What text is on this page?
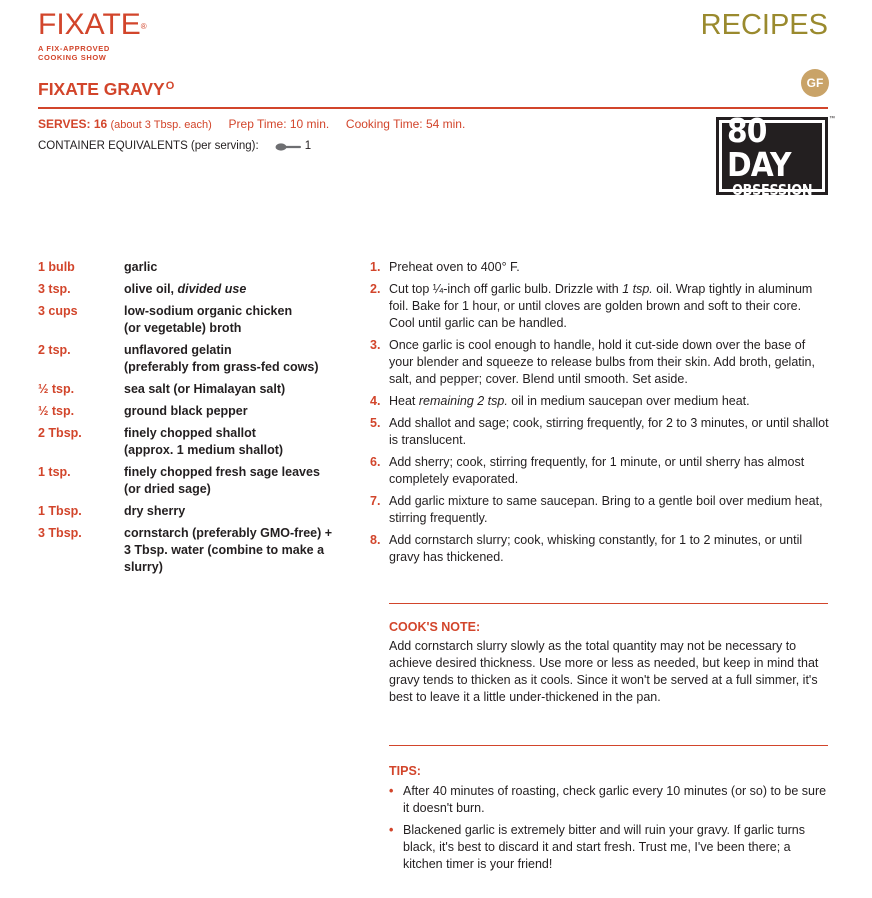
FIXATE®
A FIX-APPROVED
COOKING SHOW
RECIPES
FIXATE $GRAVY^O$	GF
SERVES: 16 (about 3 Tbsp. each) Prep Time: 10 min. Cooking Time: 54 min.
CONTAINER EQUIVALENTS (per serving):	1	80 DAY
OBSESSION
™
1 bulb	garlic
3 tsp.	olive oil, divided use
3 cups	low-sodium organic chicken
(or vegetable) broth
2 tsp.	unflavored gelatin
(preferably from grass-fed cows)
½ tsp.	sea salt (or Himalayan salt)
½ tsp.	ground black pepper
2 Tbsp.	finely chopped shallot
(approx. 1 medium shallot)
1 tsp.	finely chopped fresh sage leaves
(or dried sage)
1 Tbsp.	dry sherry
3 Tbsp.	cornstarch (preferably GMO-free) +
3 Tbsp. water (combine to make a
slurry)
1. Preheat oven to 400° F.
2. Cut top ¼-inch off garlic bulb. Drizzle with 1 tsp. oil. Wrap tightly in aluminum foil. Bake for 1 hour, or until cloves are golden brown and soft to their core. Cool until garlic can be handled.
3. Once garlic is cool enough to handle, hold it cut-side down over the base of your blender and squeeze to release bulbs from their skin. Add broth, gelatin, salt, and pepper; cover. Blend until smooth. Set aside.
4. Heat remaining 2 tsp. oil in medium saucepan over medium heat.
5. Add shallot and sage; cook, stirring frequently, for 2 to 3 minutes, or until shallot is translucent.
6. Add sherry; cook, stirring frequently, for 1 minute, or until sherry has almost completely evaporated.
7. Add garlic mixture to same saucepan. Bring to a gentle boil over medium heat, stirring frequently.
8. Add cornstarch slurry; cook, whisking constantly, for 1 to 2 minutes, or until gravy has thickened.
COOK'S NOTE:
Add cornstarch slurry slowly as the total quantity may not be necessary to achieve desired thickness. Use more or less as needed, but keep in mind that gravy tends to thicken as it cools. Since it won't be served at a full simmer, it's best to leave it a little under-thickened in the pan.
TIPS:
• After 40 minutes of roasting, check garlic every 10 minutes (or so) to be sure it doesn't burn.
• Blackened garlic is extremely bitter and will ruin your gravy. If garlic turns black, it's best to discard it and start fresh. Trust me, I've been there; a kitchen timer is your friend!
